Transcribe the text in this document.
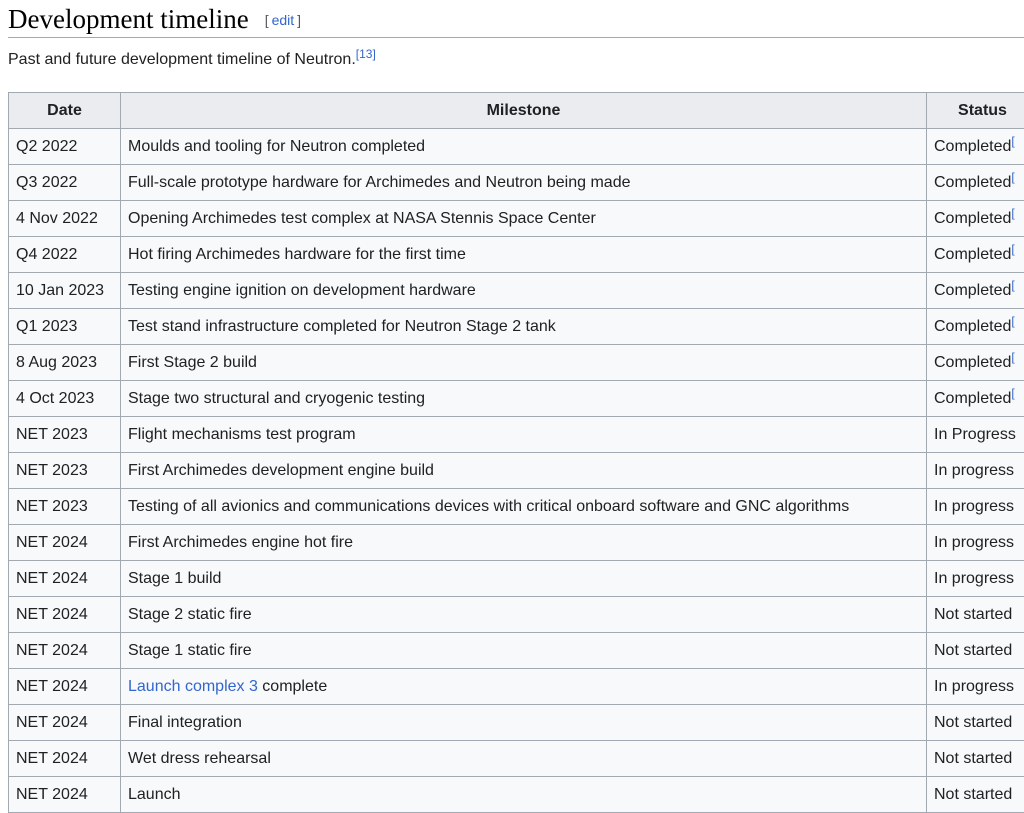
Development timeline [ edit ]
Past and future development timeline of Neutron.[13]
Date	Milestone	Status
Q2 2022	Moulds and tooling for Neutron completed	Completed[
Q3 2022	Full-scale prototype hardware for Archimedes and Neutron being made	Completed[
4 Nov 2022	Opening Archimedes test complex at NASA Stennis Space Center	Completed[
Q4 2022	Hot firing Archimedes hardware for the first time	Completed[
10 Jan 2023	Testing engine ignition on development hardware	Completed[
Q1 2023	Test stand infrastructure completed for Neutron Stage 2 tank	Completed[
8 Aug 2023	First Stage 2 build	Completed[
4 Oct 2023	Stage two structural and cryogenic testing	Completed[
NET 2023	Flight mechanisms test program	In Progress
NET 2023	First Archimedes development engine build	In progress
NET 2023	Testing of all avionics and communications devices with critical onboard software and GNC algorithms	In progress
NET 2024	First Archimedes engine hot fire	In progress
NET 2024	Stage 1 build	In progress
NET 2024	Stage 2 static fire	Not started
NET 2024	Stage 1 static fire	Not started
NET 2024	Launch complex 3 complete	In progress
NET 2024	Final integration	Not started
NET 2024	Wet dress rehearsal	Not started
NET 2024	Launch	Not started
